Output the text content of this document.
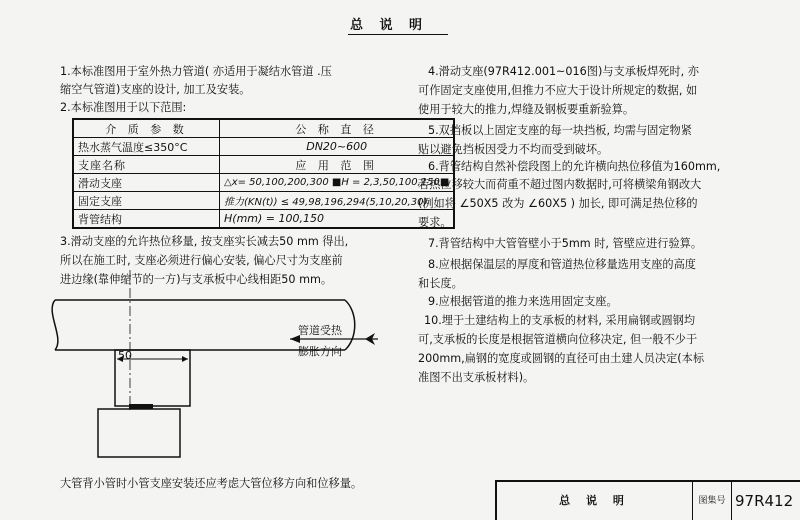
总 说 明
1.本标准图用于室外热力管道( 亦适用于凝结水管道 .压
缩空气管道)支座的设计, 加工及安装。
2.本标准图用于以下范围:
介 质 参 数	公 称 直 径
热水蒸气温度≤350°C	DN20~600
支座名称	应 用 范 围
滑动支座	△x= 50,100,200,300 ■H = 2,3,50,100,150■
固定支座	推力(KN(t)) ≤ 49,98,196,294(5,10,20,30)
背管结构	H(mm) = 100,150
3.滑动支座的允许热位移量, 按支座实长减去50 mm 得出,
所以在施工时, 支座必须进行偏心安装, 偏心尺寸为支座前
进边缘(靠伸缩节的一方)与支承板中心线相距50 mm。
50
管道受热
膨胀方向
大管背小管时小管支座安装还应考虑大管位移方向和位移量。
4.滑动支座(97R412.001~016图)与支承板焊死时, 亦
可作固定支座使用,但推力不应大于设计所规定的数据, 如
使用于较大的推力,焊缝及钢板要重新验算。
5.双挡板以上固定支座的每一块挡板, 均需与固定物紧
贴以避免挡板因受力不均而受到破坏。
6.背管结构自然补偿段图上的允许横向热位移值为160mm,
若热位移较大而荷重不超过图内数据时,可将横梁角钢改大
(例如将 ∠50X5 改为 ∠60X5 ) 加长, 即可满足热位移的
要求。
7.背管结构中大管管壁小于5mm 时, 管壁应进行验算。
8.应根据保温层的厚度和管道热位移量选用支座的高度
和长度。
9.应根据管道的推力来选用固定支座。
10.埋于土建结构上的支承板的材料, 采用扁钢或圆钢均
可,支承板的长度是根据管道横向位移决定, 但一般不少于
200mm,扁钢的宽度或圆钢的直径可由土建人员决定(本标
准图不出支承板材料)。
总 说 明	图集号 97R412
